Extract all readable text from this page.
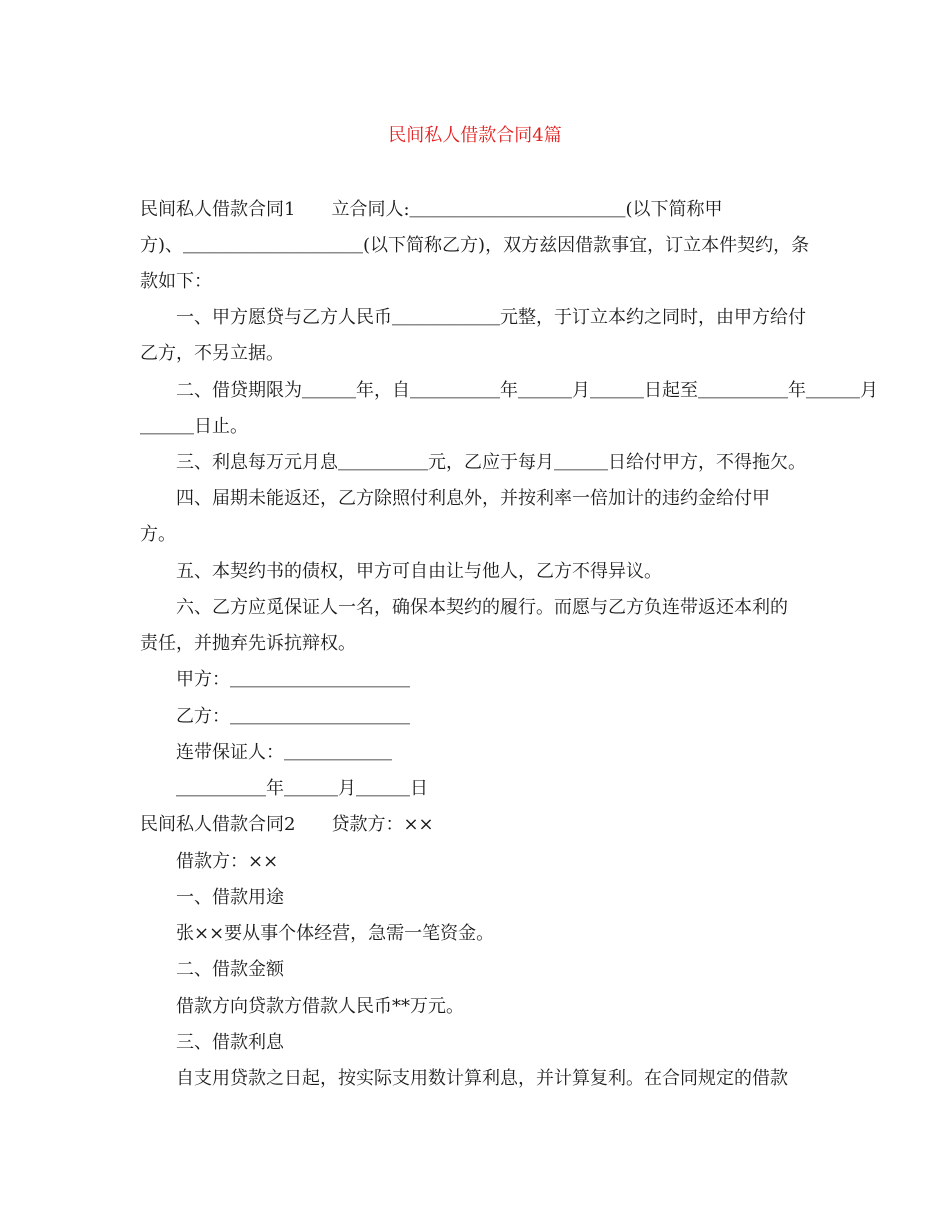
民间私人借款合同4篇
民间私人借款合同1　　立合同人:＿＿＿＿＿＿＿＿＿＿＿＿(以下简称甲
方)、＿＿＿＿＿＿＿＿＿＿(以下简称乙方)，双方兹因借款事宜，订立本件契约，条
款如下：
一、甲方愿贷与乙方人民币＿＿＿＿＿＿元整，于订立本约之同时，由甲方给付
乙方，不另立据。
二、借贷期限为＿＿＿年，自＿＿＿＿＿年＿＿＿月＿＿＿日起至＿＿＿＿＿年＿＿＿月
＿＿＿日止。
三、利息每万元月息＿＿＿＿＿元，乙应于每月＿＿＿日给付甲方，不得拖欠。
四、届期未能返还，乙方除照付利息外，并按利率一倍加计的违约金给付甲
方。
五、本契约书的债权，甲方可自由让与他人，乙方不得异议。
六、乙方应觅保证人一名，确保本契约的履行。而愿与乙方负连带返还本利的
责任，并抛弃先诉抗辩权。
甲方：＿＿＿＿＿＿＿＿＿＿
乙方：＿＿＿＿＿＿＿＿＿＿
连带保证人：＿＿＿＿＿＿
＿＿＿＿＿年＿＿＿月＿＿＿日
民间私人借款合同2　　贷款方：××
借款方：××
一、借款用途
张××要从事个体经营，急需一笔资金。
二、借款金额
借款方向贷款方借款人民币**万元。
三、借款利息
自支用贷款之日起，按实际支用数计算利息，并计算复利。在合同规定的借款
